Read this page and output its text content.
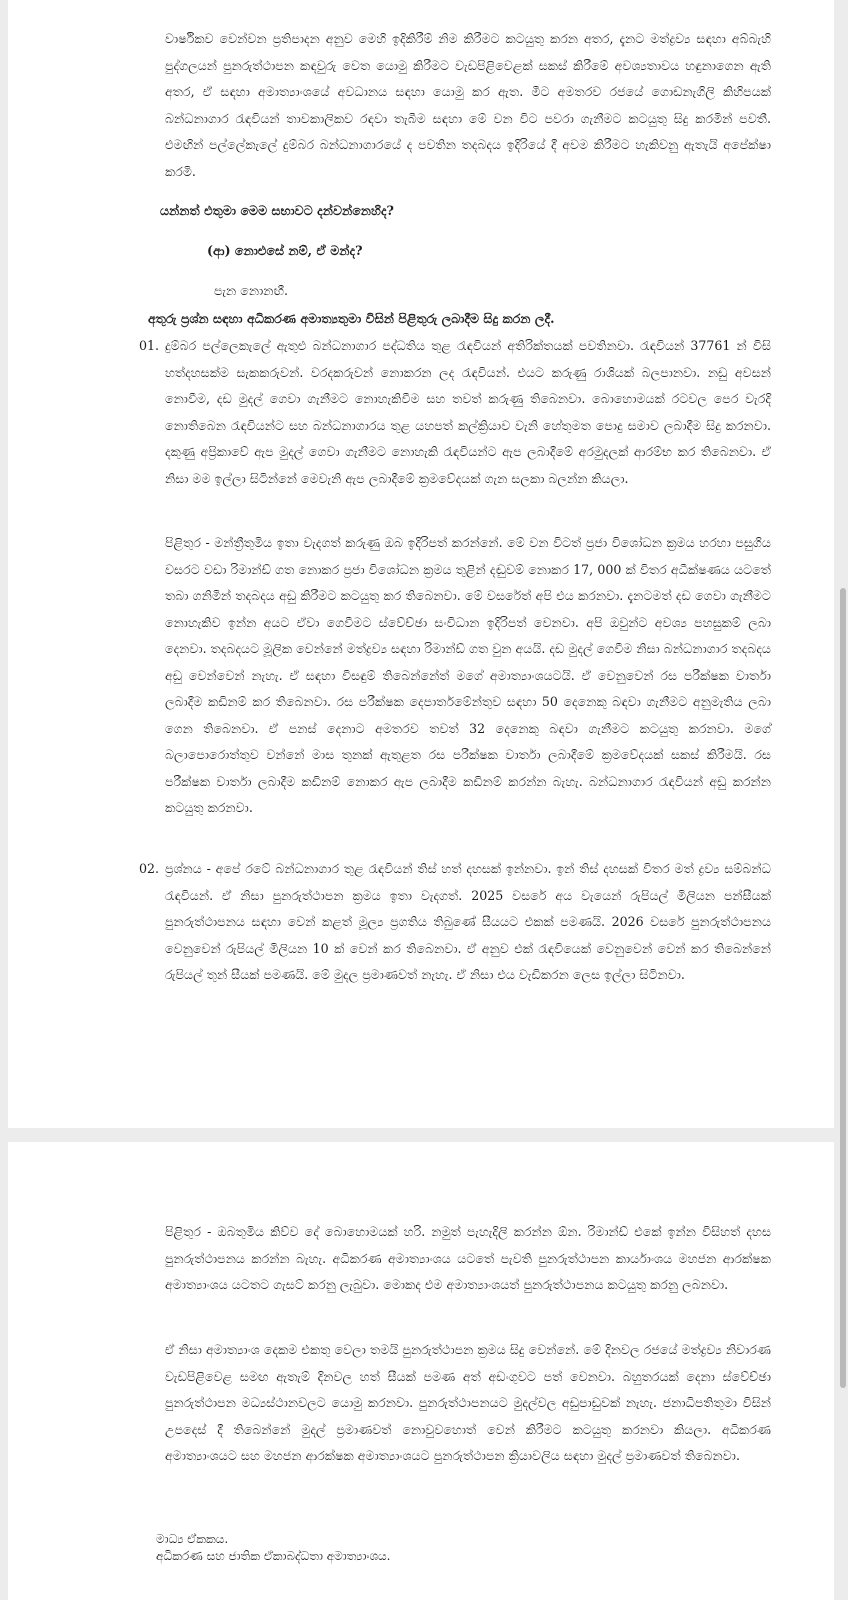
වාර්ෂිකව වෙන්වන ප්‍රතිපාදන අනුව මෙහි ඉදිකිරීම් නිම කිරීමට කටයුතු කරන අතර, දැනට මත්ද්‍රව්‍ය සඳහා අබ්බැහි පුද්ගලයන් පුනරුත්ථාපන කඳවුරු වෙත යොමු කිරීමට වැඩපිළිවෙළක් සකස් කිරීමේ අවශ්‍යතාවය හඳුනාගෙන ඇති අතර, ඒ සඳහා අමාත්‍යාංශයේ අවධානය සඳහා යොමු කර ඇත. මීට අමතරව රජයේ ගොඩනැගිලි කිහිපයක් බන්ධනාගාර රැඳවියන් තාවකාලිකව රඳවා තැබීම සඳහා මේ වන විට පවරා ගැනීමට කටයුතු සිදු කරමින් පවතී. එමඟින් පල්ලේකැලේ දුම්බර බන්ධනාගාරයේ ද පවතින තදබදය ඉදිරියේ දී අවම කිරීමට හැකිවනු ඇතැයි අපේක්ෂා කරමි.

යන්නත් එතුමා මෙම සභාවට දන්වන්නෙහිද?

(ආ) නොඑසේ නම්, ඒ මන්ද?

පැන නොනඟී.

අතුරු ප්‍රශ්න සඳහා අධිකරණ අමාත්‍යතුමා විසින් පිළිතුරු ලබාදීම සිදු කරන ලදී.

01. දුම්බර පල්ලෙකැලේ ඇතුළු බන්ධනාගාර පද්ධතිය තුළ රැඳවියන් අතිරික්තයක් පවතිනවා. රැඳවියන් 37761 න් විසි හත්දහසක්ම සැකකරුවන්. වරදකරුවන් නොකරන ලද රැඳවියන්. එයට කරුණු රාශියක් බලපානවා. නඩු අවසන් නොවීම, දඩ මුදල් ගෙවා ගැනීමට නොහැකිවීම සහ තවත් කරුණු තිබෙනවා. බොහොමයක් රටවල පෙර වැරදි නොතිබෙන රැඳවියන්ට සහ බන්ධනාගාරය තුළ යහපත් කල්ක්‍රියාව වැනි හේතුමත පොදු සමාව ලබාදීම සිදු කරනවා. දකුණු අප්‍රිකාවේ ඇප මුදල් ගෙවා ගැනීමට නොහැකි රැඳවියන්ට ඇප ලබාදීමේ අරමුදලක් ආරම්භ කර තිබෙනවා. ඒ නිසා මම ඉල්ලා සිටින්නේ මෙවැනි ඇප ලබාදීමේ ක්‍රමවේදයක් ගැන සලකා බලන්න කියලා.

පිළිතුර - මන්ත්‍රීතුමිය ඉතා වැදගත් කරුණු ඔබ ඉදිරිපත් කරන්නේ. මේ වන විටත් ප්‍රජා විශෝධන ක්‍රමය හරහා පසුගිය වසරට වඩා රිමාන්ඩ් ගත නොකර ප්‍රජා විශෝධන ක්‍රමය තුළින් දඬුවම් නොකර 17, 000 ක් විතර අධීක්ෂණය යටතේ තබා ගනිමින් තදබදය අඩු කිරීමට කටයුතු කර තිබෙනවා. මේ වසරේත් අපි එය කරනවා. දැනටමත් දඩ ගෙවා ගැනීමට නොහැකිව ඉන්න අයට ඒවා ගෙවීමට ස්වේච්ඡා සංවිධාන ඉදිරිපත් වෙනවා. අපි ඔවුන්ට අවශ්‍ය පහසුකම් ලබා දෙනවා. තදබදයට මූලික වෙන්නේ මත්ද්‍රව්‍ය සඳහා රිමාන්ඩ් ගත වුන අයයි. දඩ මුදල් ගෙවීම නිසා බන්ධනාගාර තදබදය අඩු වෙන්වෙන් නැහැ. ඒ සඳහා විසඳුම් තිබෙන්නේත් මගේ අමාත්‍යාංශයටයි. ඒ වෙනුවෙන් රස පරීක්ෂක වාර්තා ලබාදීම කඩිනම් කර තිබෙනවා. රස පරීක්ෂක දෙපාර්තමේන්තුව සඳහා 50 දෙනෙකු බඳවා ගැනීමට අනුමැතිය ලබා ගෙන තිබෙනවා. ඒ පනස් දෙනාට අමතරව තවත් 32 දෙනෙකු බඳවා ගැනීමට කටයුතු කරනවා. මගේ බලාපොරොත්තුව වන්නේ මාස තුනක් ඇතුළත රස පරීක්ෂක වාර්තා ලබාදීමේ ක්‍රමවේදයක් සකස් කිරීමයි. රස පරීක්ෂක වාර්තා ලබාදීම කඩිනම් නොකර ඇප ලබාදීම කඩිනම් කරන්න බැහැ. බන්ධනාගාර රැඳවියන් අඩු කරන්න කටයුතු කරනවා.

02. ප්‍රශ්නය - අපේ රටේ බන්ධනාගාර තුළ රැඳවියන් තිස් හත් දහසක් ඉන්නවා. ඉන් තිස් දහසක් විතර මත් ද්‍රව්‍ය සම්බන්ධ රැඳවියන්. ඒ නිසා පුනරුත්ථාපන ක්‍රමය ඉතා වැදගත්. 2025 වසරේ අය වැයෙන් රුපියල් මිලියන පන්සීයක් පුනරුත්ථාපනය සඳහා වෙන් කළත් මූල්‍ය ප්‍රගතිය තිබුණේ සීයයට එකක් පමණයි. 2026 වසරේ පුනරුත්ථාපනය වෙනුවෙන් රුපියල් මිලියන 10 ක් වෙන් කර තිබෙනවා. ඒ අනුව එක් රැඳවියෙක් වෙනුවෙන් වෙන් කර තිබෙන්නේ රුපියල් තුන් සීයක් පමණයි. මේ මුදල ප්‍රමාණවත් නැහැ. ඒ නිසා එය වැඩිකරන ලෙස ඉල්ලා සිටිනවා.

පිළිතුර - ඔබතුමිය කිව්ව දේ බොහොමයක් හරි. නමුත් පැහැදිලි කරන්න ඕන. රිමාන්ඩ් එකේ ඉන්න විසිහත් දහස පුනරුත්ථාපනය කරන්න බැහැ. අධිකරණ අමාත්‍යාංශය යටතේ පැවති පුනරුත්ථාපන කාර්යාංශය මහජන ආරක්ෂක අමාත්‍යාංශය යටතට ගැසට් කරනු ලැබුවා. මොකද එම අමාත්‍යාංශයත් පුනරුත්ථාපනය කටයුතු කරනු ලබනවා.

ඒ නිසා අමාත්‍යාංශ දෙකම එකතු වෙලා තමයි පුනරුත්ථාපන ක්‍රමය සිදු වෙන්නේ. මේ දිනවල රජයේ මත්ද්‍රව්‍ය නිවාරණ වැඩපිළිවෙළ සමඟ ඇතැම් දිනවල හත් සීයක් පමණ අත් අඩංගුවට පත් වෙනවා. බහුතරයක් දෙනා ස්වේච්ඡා පුනරුත්ථාපන මධ්‍යස්ථානවලට යොමු කරනවා. පුනරුත්ථාපනයට මුදල්වල අඩුපාඩුවක් නැහැ. ජනාධිපතිතුමා විසින් උපදෙස් දී තිබෙන්නේ මුදල් ප්‍රමාණවත් නොවුවහොත් වෙන් කිරීමට කටයුතු කරනවා කියලා. අධිකරණ අමාත්‍යාංශයට සහ මහජන ආරක්ෂක අමාත්‍යාංශයට පුනරුත්ථාපන ක්‍රියාවලිය සඳහා මුදල් ප්‍රමාණවත් තිබෙනවා.

මාධ්‍ය ඒකකය.

අධිකරණ සහ ජාතික ඒකාබද්ධතා අමාත්‍යාංශය.
